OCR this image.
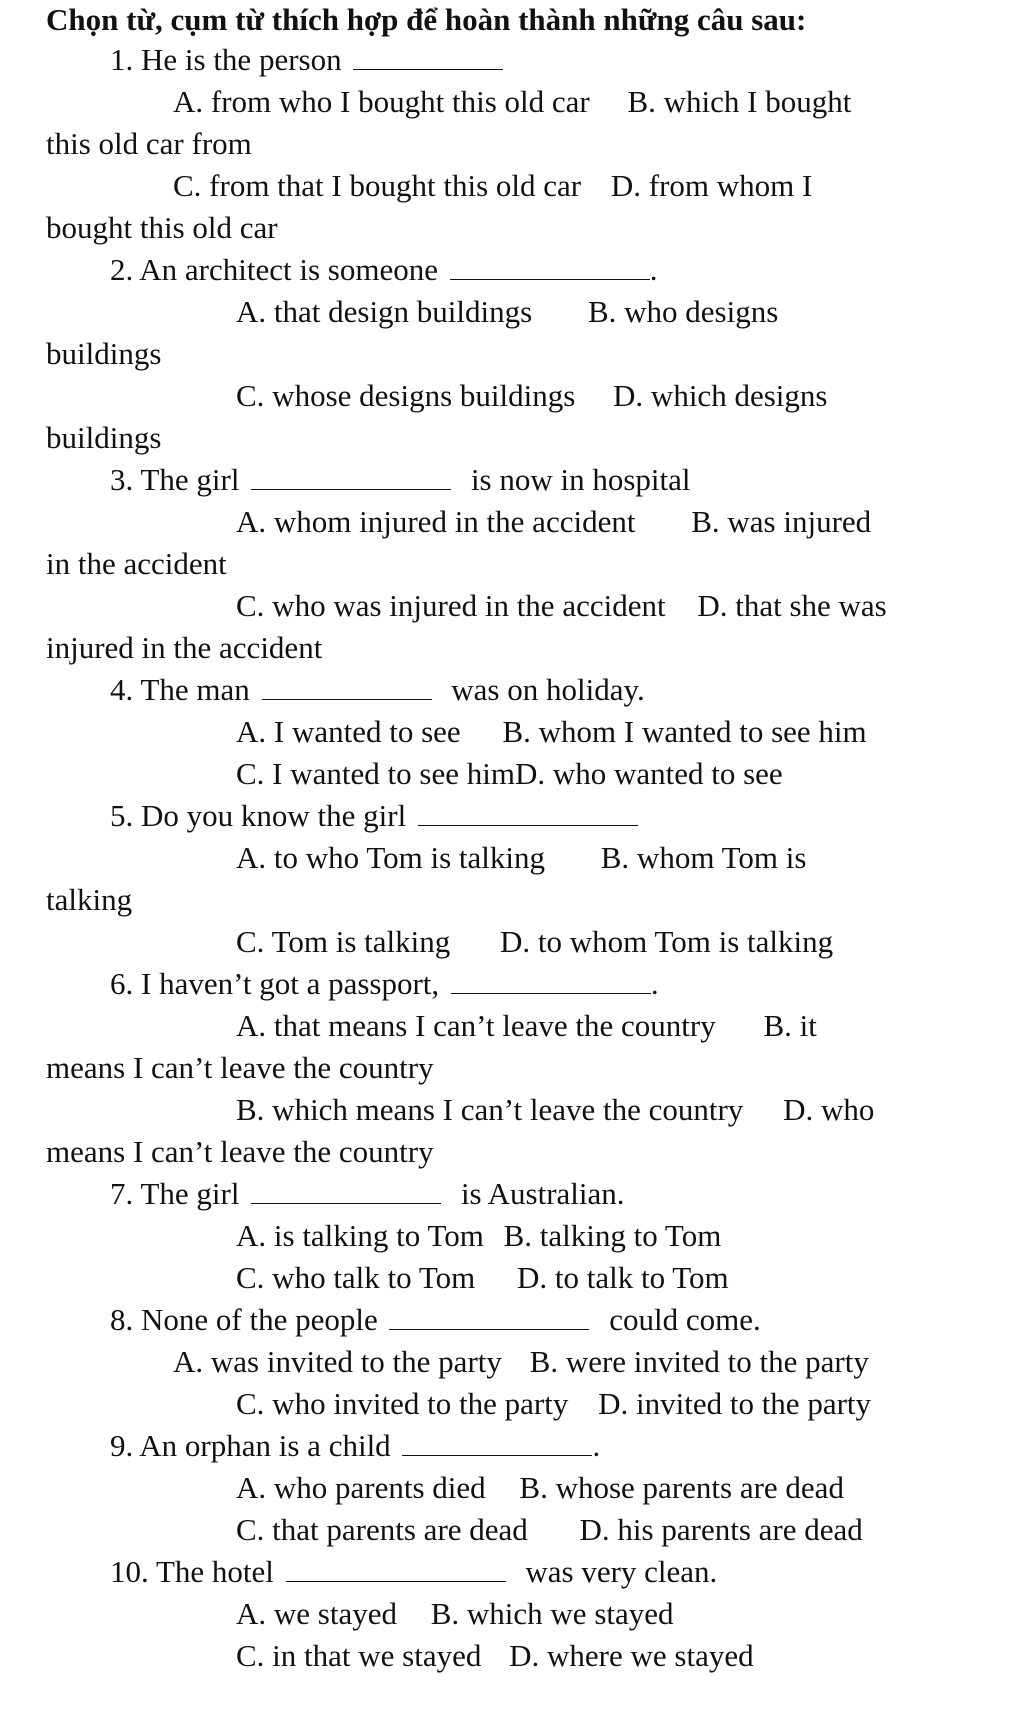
Chọn từ, cụm từ thích hợp để hoàn thành những câu sau:
1. He is the person
A. from who I bought this old car B. which I bought
this old car from
C. from that I bought this old car D. from whom I
bought this old car
2. An architect is someone	.
A. that design buildings B. who designs
buildings
C. whose designs buildings D. which designs
buildings
3. The girl	is now in hospital
A. whom injured in the accident B. was injured
in the accident
C. who was injured in the accident D. that she was
injured in the accident
4. The man	was on holiday.
A. I wanted to see B. whom I wanted to see him
C. I wanted to see himD. who wanted to see
5. Do you know the girl
A. to who Tom is talking B. whom Tom is
talking
C. Tom is talking D. to whom Tom is talking
6. I haven’t got a passport,	.
A. that means I can’t leave the country B. it
means I can’t leave the country
B. which means I can’t leave the country D. who
means I can’t leave the country
7. The girl	is Australian.
A. is talking to Tom B. talking to Tom
C. who talk to Tom D. to talk to Tom
8. None of the people	could come.
A. was invited to the party B. were invited to the party
C. who invited to the party D. invited to the party
9. An orphan is a child	.
A. who parents died B. whose parents are dead
C. that parents are dead D. his parents are dead
10. The hotel	was very clean.
A. we stayed B. which we stayed
C. in that we stayed D. where we stayed
